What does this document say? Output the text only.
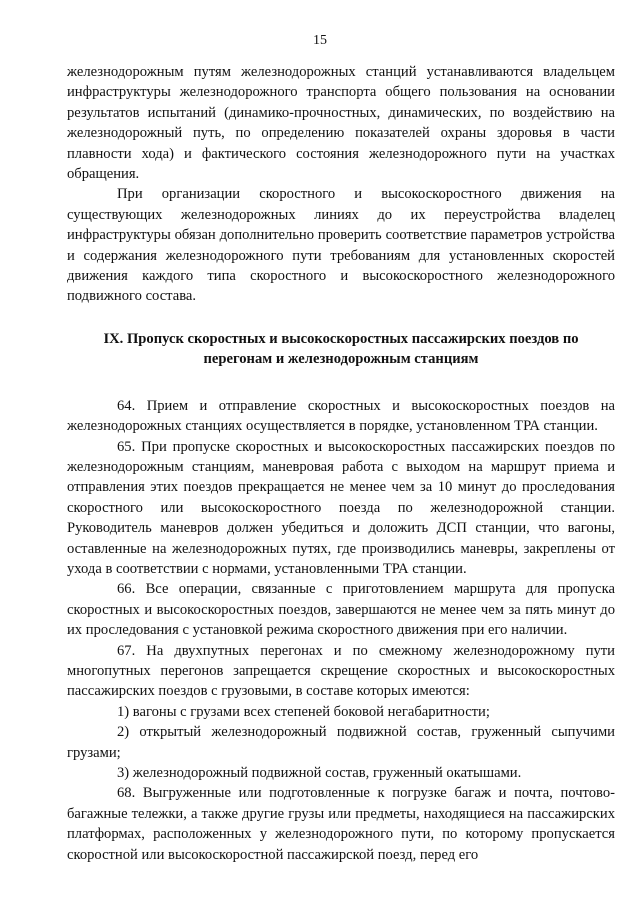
15

железнодорожным путям железнодорожных станций устанавливаются владельцем инфраструктуры железнодорожного транспорта общего пользования на основании результатов испытаний (динамико-прочностных, динамических, по воздействию на железнодорожный путь, по определению показателей охраны здоровья в части плавности хода) и фактического состояния железнодорожного пути на участках обращения.

При организации скоростного и высокоскоростного движения на существующих железнодорожных линиях до их переустройства владелец инфраструктуры обязан дополнительно проверить соответствие параметров устройства и содержания железнодорожного пути требованиям для установленных скоростей движения каждого типа скоростного и высокоскоростного железнодорожного подвижного состава.

IX. Пропуск скоростных и высокоскоростных пассажирских поездов по перегонам и железнодорожным станциям

64. Прием и отправление скоростных и высокоскоростных поездов на железнодорожных станциях осуществляется в порядке, установленном ТРА станции.

65. При пропуске скоростных и высокоскоростных пассажирских поездов по железнодорожным станциям, маневровая работа с выходом на маршрут приема и отправления этих поездов прекращается не менее чем за 10 минут до проследования скоростного или высокоскоростного поезда по железнодорожной станции. Руководитель маневров должен убедиться и доложить ДСП станции, что вагоны, оставленные на железнодорожных путях, где производились маневры, закреплены от ухода в соответствии с нормами, установленными ТРА станции.

66. Все операции, связанные с приготовлением маршрута для пропуска скоростных и высокоскоростных поездов, завершаются не менее чем за пять минут до их проследования с установкой режима скоростного движения при его наличии.

67. На двухпутных перегонах и по смежному железнодорожному пути многопутных перегонов запрещается скрещение скоростных и высокоскоростных пассажирских поездов с грузовыми, в составе которых имеются:

1) вагоны с грузами всех степеней боковой негабаритности;

2) открытый железнодорожный подвижной состав, груженный сыпучими грузами;

3) железнодорожный подвижной состав, груженный окатышами.

68. Выгруженные или подготовленные к погрузке багаж и почта, почтово-багажные тележки, а также другие грузы или предметы, находящиеся на пассажирских платформах, расположенных у железнодорожного пути, по которому пропускается скоростной или высокоскоростной пассажирской поезд, перед его
